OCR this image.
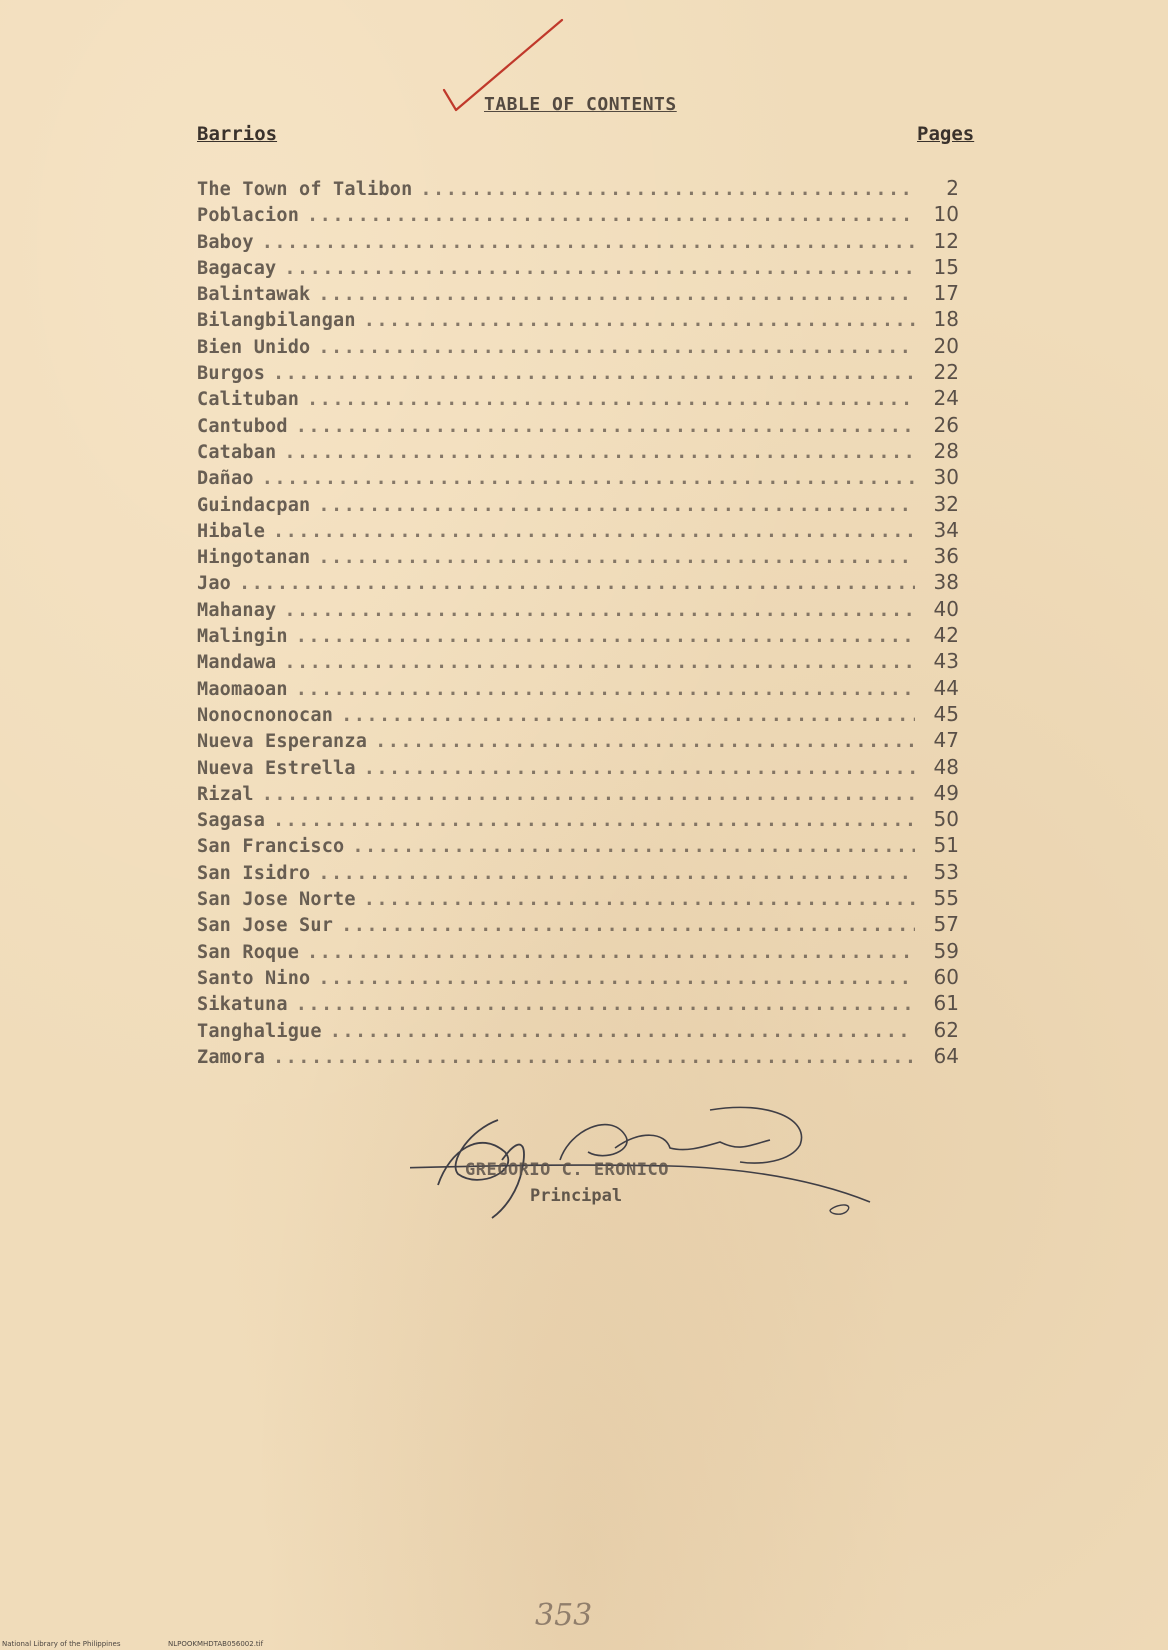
TABLE OF CONTENTS
Barrios	Pages
The Town of Talibon .....	2
Poblacion .....	10
Baboy .....	12
Bagacay .....	15
Balintawak .....	17
Bilangbilangan .....	18
Bien Unido .....	20
Burgos .....	22
Calituban .....	24
Cantubod .....	26
Cataban .....	28
Dañao .....	30
Guindacpan .....	32
Hibale .....	34
Hingotanan .....	36
Jao .....	38
Mahanay .....	40
Malingin .....	42
Mandawa .....	43
Maomaoan .....	44
Nonocnonocan .....	45
Nueva Esperanza .....	47
Nueva Estrella .....	48
Rizal .....	49
Sagasa .....	50
San Francisco .....	51
San Isidro .....	53
San Jose Norte .....	55
San Jose Sur .....	57
San Roque .....	59
Santo Nino .....	60
Sikatuna .....	61
Tanghaligue .....	62
Zamora .....	64
GREGORIO C. ERONICO
Principal
353
National Library of the Philippines	NLPOOKMHDTAB056002.tif
